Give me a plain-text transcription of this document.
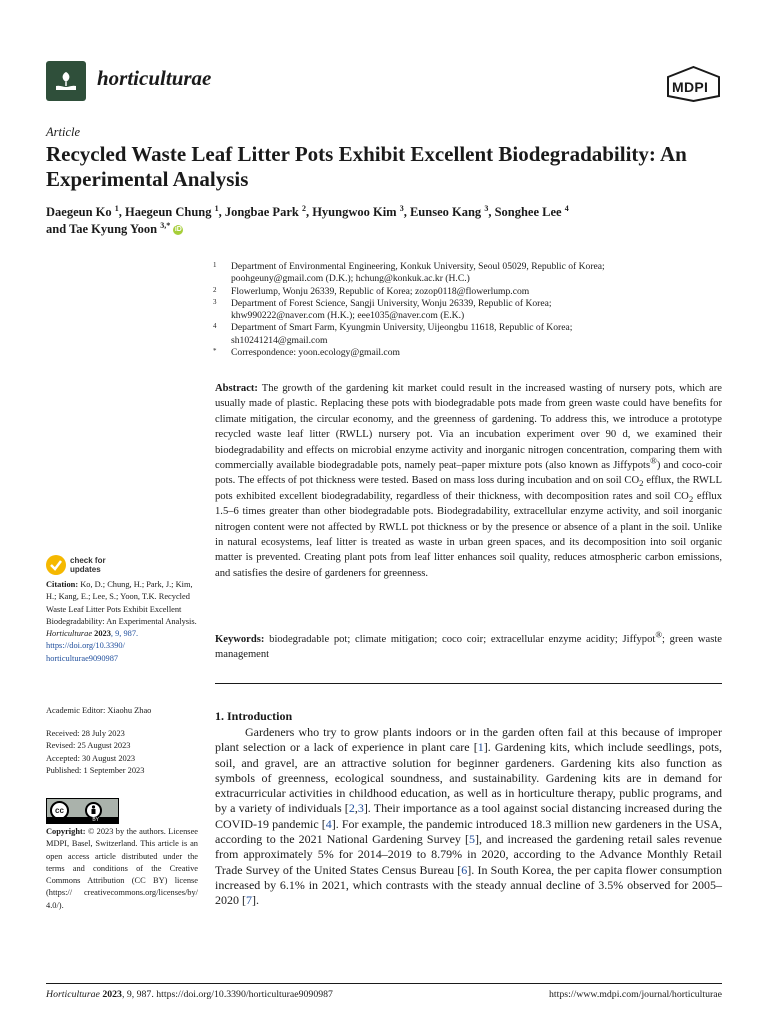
horticulturae	MDPI
Article
Recycled Waste Leaf Litter Pots Exhibit Excellent Biodegradability: An Experimental Analysis
Daegeun Ko $^1$, Haegeun Chung $^1$, Jongbae Park $^2$, Hyungwoo Kim $^3$, Eunseo Kang $^3$, Songhee Lee $^4$
and Tae Kyung Yoon $^{3,*}$ iD
1 Department of Environmental Engineering, Konkuk University, Seoul 05029, Republic of Korea;
poohgeuny@gmail.com (D.K.); hchung@konkuk.ac.kr (H.C.)
2 Flowerlump, Wonju 26339, Republic of Korea; zozop0118@flowerlump.com
3 Department of Forest Science, Sangji University, Wonju 26339, Republic of Korea;
khw990222@naver.com (H.K.); eee1035@naver.com (E.K.)
4 Department of Smart Farm, Kyungmin University, Uijeongbu 11618, Republic of Korea;
sh10241214@gmail.com
* Correspondence: yoon.ecology@gmail.com
Abstract: The growth of the gardening kit market could result in the increased wasting of nursery pots, which are usually made of plastic. Replacing these pots with biodegradable pots made from green waste could have benefits for climate mitigation, the circular economy, and the greenness of gardening. To address this, we introduce a prototype recycled waste leaf litter (RWLL) nursery pot. Via an incubation experiment over 90 d, we examined their biodegradability and effects on microbial enzyme activity and inorganic nitrogen concentration, comparing them with commercially available biodegradable pots, namely peat–paper mixture pots (also known as Jiffypots®) and coco-coir pots. The effects of pot thickness were tested. Based on mass loss during incubation and on soil $CO_2$ efflux, the RWLL pots exhibited excellent biodegradability, regardless of their thickness, with decomposition rates and soil $CO_2$ efflux 1.5–6 times greater than other biodegradable pots. Biodegradability, extracellular enzyme activity, and soil inorganic nitrogen content were not affected by RWLL pot thickness or by the presence or absence of a plant in the soil. Unlike in natural ecosystems, leaf litter is treated as waste in urban green spaces, and its decomposition into soil organic matter is prevented. Creating plant pots from leaf litter enhances soil quality, reduces atmospheric carbon emissions, and satisfies the desire of gardeners for greenness.
Keywords: biodegradable pot; climate mitigation; coco coir; extracellular enzyme acidity; Jiffypot®; green waste management
check for
updates
Citation: Ko, D.; Chung, H.; Park, J.; Kim, H.; Kang, E.; Lee, S.; Yoon, T.K. Recycled Waste Leaf Litter Pots Exhibit Excellent Biodegradability: An Experimental Analysis. Horticulturae 2023, 9, 987. https://doi.org/10.3390/ horticulturae9090987
Academic Editor: Xiaohu Zhao
Received: 28 July 2023
Revised: 25 August 2023
Accepted: 30 August 2023
Published: 1 September 2023
cc
BY
Copyright: © 2023 by the authors. Licensee MDPI, Basel, Switzerland. This article is an open access article distributed under the terms and conditions of the Creative Commons Attribution (CC BY) license (https:// creativecommons.org/licenses/by/ 4.0/).
1. Introduction

Gardeners who try to grow plants indoors or in the garden often fail at this because of improper plant selection or a lack of experience in plant care [1]. Gardening kits, which include seedlings, pots, soil, and gravel, are an attractive solution for beginner gardeners. Gardening kits also function as symbols of greenness, ecological soundness, and sustainability. Gardening kits are in demand for extracurricular activities in childhood education, as well as in horticulture therapy, public programs, and by a variety of individuals [2,3]. Their importance as a tool against social distancing increased during the COVID-19 pandemic [4]. For example, the pandemic introduced 18.3 million new gardeners in the USA, according to the 2021 National Gardening Survey [5], and increased the gardening retail sales revenue from approximately 5% for 2014–2019 to 8.79% in 2020, according to the Advance Monthly Retail Trade Survey of the United States Census Bureau [6]. In South Korea, the per capita flower consumption increased by 6.1% in 2021, which contrasts with the steady annual decline of 3.5% observed for 2005–2020 [7].

Horticulturae 2023, 9, 987. https://doi.org/10.3390/horticulturae9090987	https://www.mdpi.com/journal/horticulturae
